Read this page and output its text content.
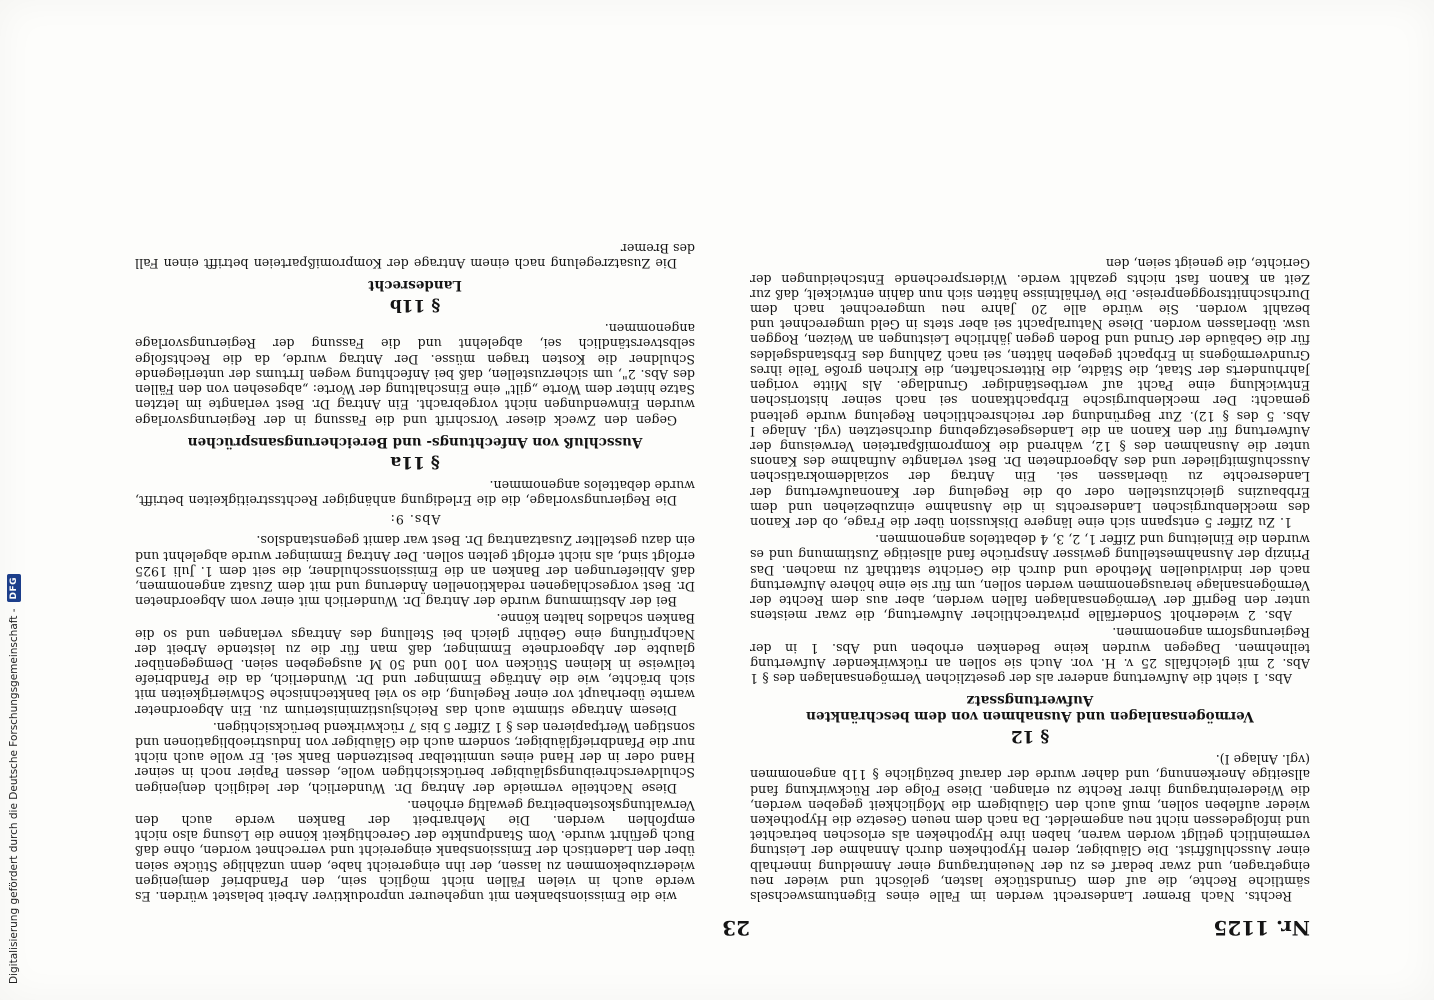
Nr. 1125
23

Rechts. Nach Bremer Landesrecht werden im Falle eines Eigentumswechsels sämtliche Rechte, die auf dem Grundstücke lasten, gelöscht und wieder neu eingetragen, und zwar bedarf es zu der Neueintragung einer Anmeldung innerhalb einer Ausschlußfrist. Die Gläubiger, deren Hypotheken durch Annahme der Leistung vermeintlich getilgt worden waren, haben ihre Hypotheken als erloschen betrachtet und infolgedessen nicht neu angemeldet. Da nach dem neuen Gesetze die Hypotheken wieder aufleben sollen, muß auch den Gläubigern die Möglichkeit gegeben werden, die Wiedereintragung ihrer Rechte zu erlangen. Diese Folge der Rückwirkung fand allseitige Anerkennung, und daher wurde der darauf bezügliche § 11b angenommen (vgl. Anlage I).

§ 12
Vermögensanlagen und Ausnahmen von dem beschränkten Aufwertungssatz

Abs. 1 sieht die Aufwertung anderer als der gesetzlichen Vermögensanlagen des § 1 Abs. 2 mit gleichfalls 25 v. H. vor. Auch sie sollen an rückwirkender Aufwertung teilnehmen. Dagegen wurden keine Bedenken erhoben und Abs. 1 in der Regierungsform angenommen.

Abs. 2 wiederholt Sonderfälle privatrechtlicher Aufwertung, die zwar meistens unter den Begriff der Vermögensanlagen fallen werden, aber aus dem Rechte der Vermögensanlage herausgenommen werden sollen, um für sie eine höhere Aufwertung nach der individuellen Methode und durch die Gerichte statthaft zu machen. Das Prinzip der Ausnahmestellung gewisser Ansprüche fand allseitige Zustimmung und es wurden die Einleitung und Ziffer 1, 2, 3, 4 debattelos angenommen.

1. Zu Ziffer 5 entspann sich eine längere Diskussion über die Frage, ob der Kanon des mecklenburgischen Landesrechts in die Ausnahme einzubeziehen und dem Erbbauzins gleichzustellen oder ob die Regelung der Kanonaufwertung der Landesrechte zu überlassen sei. Ein Antrag der sozialdemokratischen Ausschußmitglieder und des Abgeordneten Dr. Best verlangte Aufnahme des Kanons unter die Ausnahmen des § 12, während die Kompromißparteien Verweisung der Aufwertung für den Kanon an die Landesgesetzgebung durchsetzten (vgl. Anlage I Abs. 5 des § 12). Zur Begründung der reichsrechtlichen Regelung wurde geltend gemacht: Der mecklenburgische Erbpachtkanon sei nach seiner historischen Entwicklung eine Pacht auf wertbeständiger Grundlage. Als Mitte vorigen Jahrhunderts der Staat, die Städte, die Ritterschaften, die Kirchen große Teile ihres Grundvermögens in Erbpacht gegeben hätten, sei nach Zahlung des Erbstandsgeldes für die Gebäude der Grund und Boden gegen jährliche Leistungen an Weizen, Roggen usw. überlassen worden. Diese Naturalpacht sei aber stets in Geld umgerechnet und bezahlt worden. Sie würde alle 20 Jahre neu umgerechnet nach dem Durchschnittsroggenpreise. Die Verhältnisse hätten sich nun dahin entwickelt, daß zur Zeit an Kanon fast nichts gezahlt werde. Widersprechende Entscheidungen der Gerichte, die geneigt seien, den

wie die Emissionsbanken mit ungeheurer unproduktiver Arbeit belastet würden. Es werde auch in vielen Fällen nicht möglich sein, den Pfandbrief demjenigen wiederzubekommen zu lassen, der ihn eingereicht habe, denn unzählige Stücke seien über den Ladentisch der Emissionsbank eingereicht und verrechnet worden, ohne daß Buch geführt wurde. Vom Standpunkte der Gerechtigkeit könne die Lösung also nicht empfohlen werden. Die Mehrarbeit der Banken werde auch den Verwaltungskostenbeitrag gewaltig erhöhen.

Diese Nachteile vermeide der Antrag Dr. Wunderlich, der lediglich denjenigen Schuldverschreibungsgläubiger berücksichtigen wolle, dessen Papier noch in seiner Hand oder in der Hand eines unmittelbar besitzenden Bank sei. Er wolle auch nicht nur die Pfandbriefgläubiger, sondern auch die Gläubiger von Industrieobligationen und sonstigen Wertpapieren des § 1 Ziffer 5 bis 7 rückwirkend berücksichtigen.

Diesem Antrage stimmte auch das Reichsjustizministerium zu. Ein Abgeordneter warnte überhaupt vor einer Regelung, die so viel banktechnische Schwierigkeiten mit sich brächte, wie die Anträge Emminger und Dr. Wunderlich, da die Pfandbriefe teilweise in kleinen Stücken von 100 und 50 M ausgegeben seien. Demgegenüber glaubte der Abgeordnete Emminger, daß man für die zu leistende Arbeit der Nachprüfung eine Gebühr gleich bei Stellung des Antrags verlangen und so die Banken schadlos halten könne.

Bei der Abstimmung wurde der Antrag Dr. Wunderlich mit einer vom Abgeordneten Dr. Best vorgeschlagenen redaktionellen Änderung und mit dem Zusatz angenommen, daß Ablieferungen der Banken an die Emissionsschuldner, die seit dem 1. Juli 1925 erfolgt sind, als nicht erfolgt gelten sollen. Der Antrag Emminger wurde abgelehnt und ein dazu gestellter Zusatzantrag Dr. Best war damit gegenstandslos.

Abs. 9:

Die Regierungsvorlage, die die Erledigung anhängiger Rechtsstreitigkeiten betrifft, wurde debattelos angenommen.

§ 11a
Ausschluß von Anfechtungs- und Bereicherungsansprüchen

Gegen den Zweck dieser Vorschrift und die Fassung in der Regierungsvorlage wurden Einwendungen nicht vorgebracht. Ein Antrag Dr. Best verlangte im letzten Satze hinter dem Worte „gilt" eine Einschaltung der Worte: „abgesehen von den Fällen des Abs. 2", um sicherzustellen, daß bei Anfechtung wegen Irrtums der unterliegende Schuldner die Kosten tragen müsse. Der Antrag wurde, da die Rechtsfolge selbstverständlich sei, abgelehnt und die Fassung der Regierungsvorlage angenommen.

§ 11b
Landesrecht

Die Zusatzregelung nach einem Antrage der Kompromißparteien betrifft einen Fall des Bremer

Digitalisierung gefördert durch die Deutsche Forschungsgemeinschaft -
DFG
